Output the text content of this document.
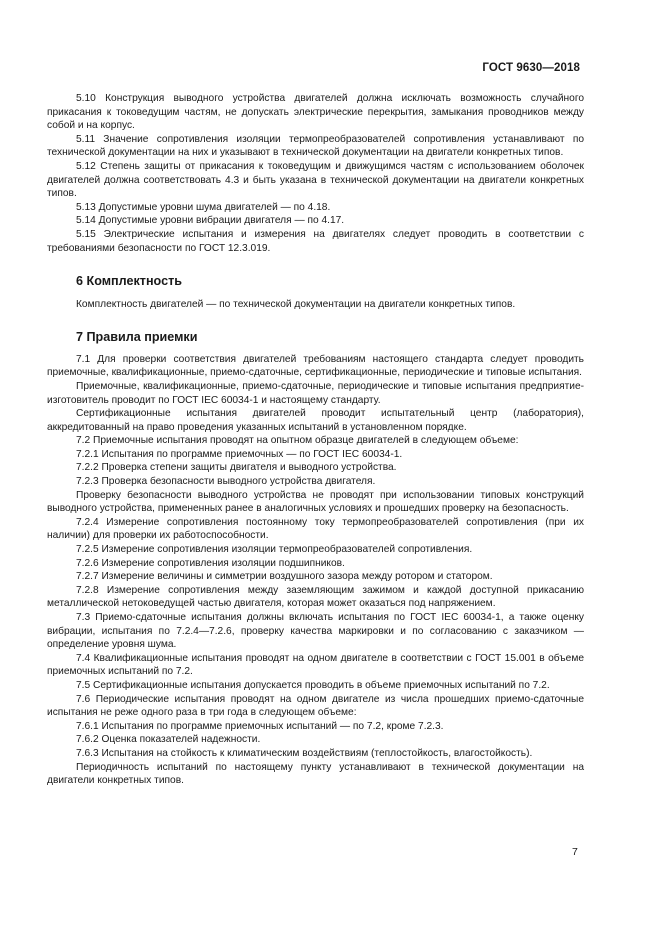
ГОСТ 9630—2018

5.10 Конструкция выводного устройства двигателей должна исключать возможность случайного прикасания к токоведущим частям, не допускать электрические перекрытия, замыкания проводников между собой и на корпус.

5.11 Значение сопротивления изоляции термопреобразователей сопротивления устанавливают по технической документации на них и указывают в технической документации на двигатели конкретных типов.

5.12 Степень защиты от прикасания к токоведущим и движущимся частям с использованием оболочек двигателей должна соответствовать 4.3 и быть указана в технической документации на двигатели конкретных типов.

5.13 Допустимые уровни шума двигателей — по 4.18.

5.14 Допустимые уровни вибрации двигателя — по 4.17.

5.15 Электрические испытания и измерения на двигателях следует проводить в соответствии с требованиями безопасности по ГОСТ 12.3.019.

6 Комплектность

Комплектность двигателей — по технической документации на двигатели конкретных типов.

7 Правила приемки

7.1 Для проверки соответствия двигателей требованиям настоящего стандарта следует проводить приемочные, квалификационные, приемо-сдаточные, сертификационные, периодические и типовые испытания.

Приемочные, квалификационные, приемо-сдаточные, периодические и типовые испытания предприятие-изготовитель проводит по ГОСТ IEC 60034-1 и настоящему стандарту.

Сертификационные испытания двигателей проводит испытательный центр (лаборатория), аккредитованный на право проведения указанных испытаний в установленном порядке.

7.2 Приемочные испытания проводят на опытном образце двигателей в следующем объеме:

7.2.1 Испытания по программе приемочных — по ГОСТ IEC 60034-1.

7.2.2 Проверка степени защиты двигателя и выводного устройства.

7.2.3 Проверка безопасности выводного устройства двигателя.

Проверку безопасности выводного устройства не проводят при использовании типовых конструкций выводного устройства, примененных ранее в аналогичных условиях и прошедших проверку на безопасность.

7.2.4 Измерение сопротивления постоянному току термопреобразователей сопротивления (при их наличии) для проверки их работоспособности.

7.2.5 Измерение сопротивления изоляции термопреобразователей сопротивления.

7.2.6 Измерение сопротивления изоляции подшипников.

7.2.7 Измерение величины и симметрии воздушного зазора между ротором и статором.

7.2.8 Измерение сопротивления между заземляющим зажимом и каждой доступной прикасанию металлической нетоковедущей частью двигателя, которая может оказаться под напряжением.

7.3 Приемо-сдаточные испытания должны включать испытания по ГОСТ IEC 60034-1, а также оценку вибрации, испытания по 7.2.4—7.2.6, проверку качества маркировки и по согласованию с заказчиком — определение уровня шума.

7.4 Квалификационные испытания проводят на одном двигателе в соответствии с ГОСТ 15.001 в объеме приемочных испытаний по 7.2.

7.5 Сертификационные испытания допускается проводить в объеме приемочных испытаний по 7.2.

7.6 Периодические испытания проводят на одном двигателе из числа прошедших приемо-сдаточные испытания не реже одного раза в три года в следующем объеме:

7.6.1 Испытания по программе приемочных испытаний — по 7.2, кроме 7.2.3.

7.6.2 Оценка показателей надежности.

7.6.3 Испытания на стойкость к климатическим воздействиям (теплостойкость, влагостойкость).

Периодичность испытаний по настоящему пункту устанавливают в технической документации на двигатели конкретных типов.

7
